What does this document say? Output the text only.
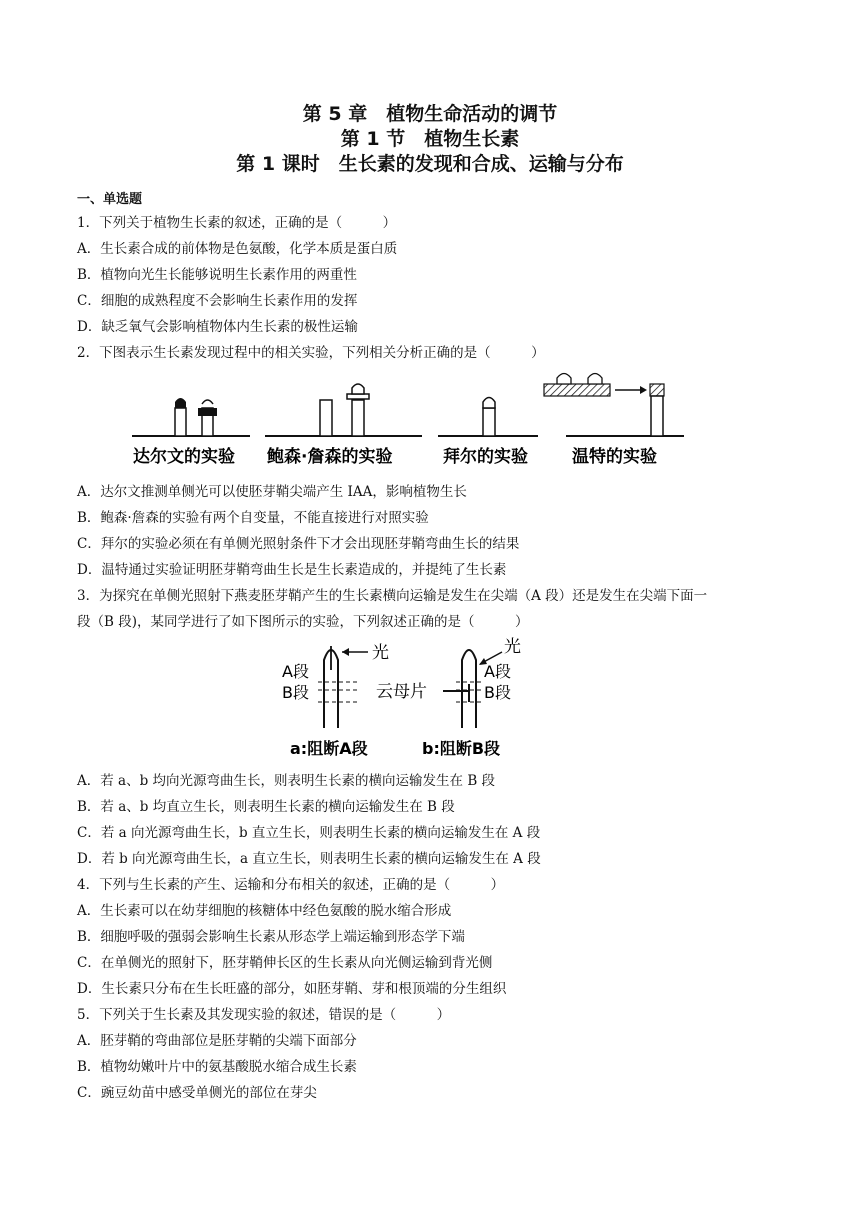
第 5 章　植物生命活动的调节
第 1 节　植物生长素
第 1 课时　生长素的发现和合成、运输与分布
一、单选题
1．下列关于植物生长素的叙述，正确的是（　　　）
A．生长素合成的前体物是色氨酸，化学本质是蛋白质
B．植物向光生长能够说明生长素作用的两重性
C．细胞的成熟程度不会影响生长素作用的发挥
D．缺乏氧气会影响植物体内生长素的极性运输
2．下图表示生长素发现过程中的相关实验，下列相关分析正确的是（　　　）
达尔文的实验 鲍森·詹森的实验	拜尔的实验	温特的实验
A．达尔文推测单侧光可以使胚芽鞘尖端产生 IAA，影响植物生长
B．鲍森·詹森的实验有两个自变量，不能直接进行对照实验
C．拜尔的实验必须在有单侧光照射条件下才会出现胚芽鞘弯曲生长的结果
D．温特通过实验证明胚芽鞘弯曲生长是生长素造成的，并提纯了生长素
3．为探究在单侧光照射下燕麦胚芽鞘产生的生长素横向运输是发生在尖端（A 段）还是发生在尖端下面一
段（B 段)，某同学进行了如下图所示的实验，下列叙述正确的是（　　　）
光
A段
B段
a:阻断A段
光
云母片
A段
B段
b:阻断B段
A．若 a、b 均向光源弯曲生长，则表明生长素的横向运输发生在 B 段
B．若 a、b 均直立生长，则表明生长素的横向运输发生在 B 段
C．若 a 向光源弯曲生长，b 直立生长，则表明生长素的横向运输发生在 A 段
D．若 b 向光源弯曲生长，a 直立生长，则表明生长素的横向运输发生在 A 段
4．下列与生长素的产生、运输和分布相关的叙述，正确的是（　　　）
A．生长素可以在幼芽细胞的核糖体中经色氨酸的脱水缩合形成
B．细胞呼吸的强弱会影响生长素从形态学上端运输到形态学下端
C．在单侧光的照射下，胚芽鞘伸长区的生长素从向光侧运输到背光侧
D．生长素只分布在生长旺盛的部分，如胚芽鞘、芽和根顶端的分生组织
5．下列关于生长素及其发现实验的叙述，错误的是（　　　）
A．胚芽鞘的弯曲部位是胚芽鞘的尖端下面部分
B．植物幼嫩叶片中的氨基酸脱水缩合成生长素
C．豌豆幼苗中感受单侧光的部位在芽尖
